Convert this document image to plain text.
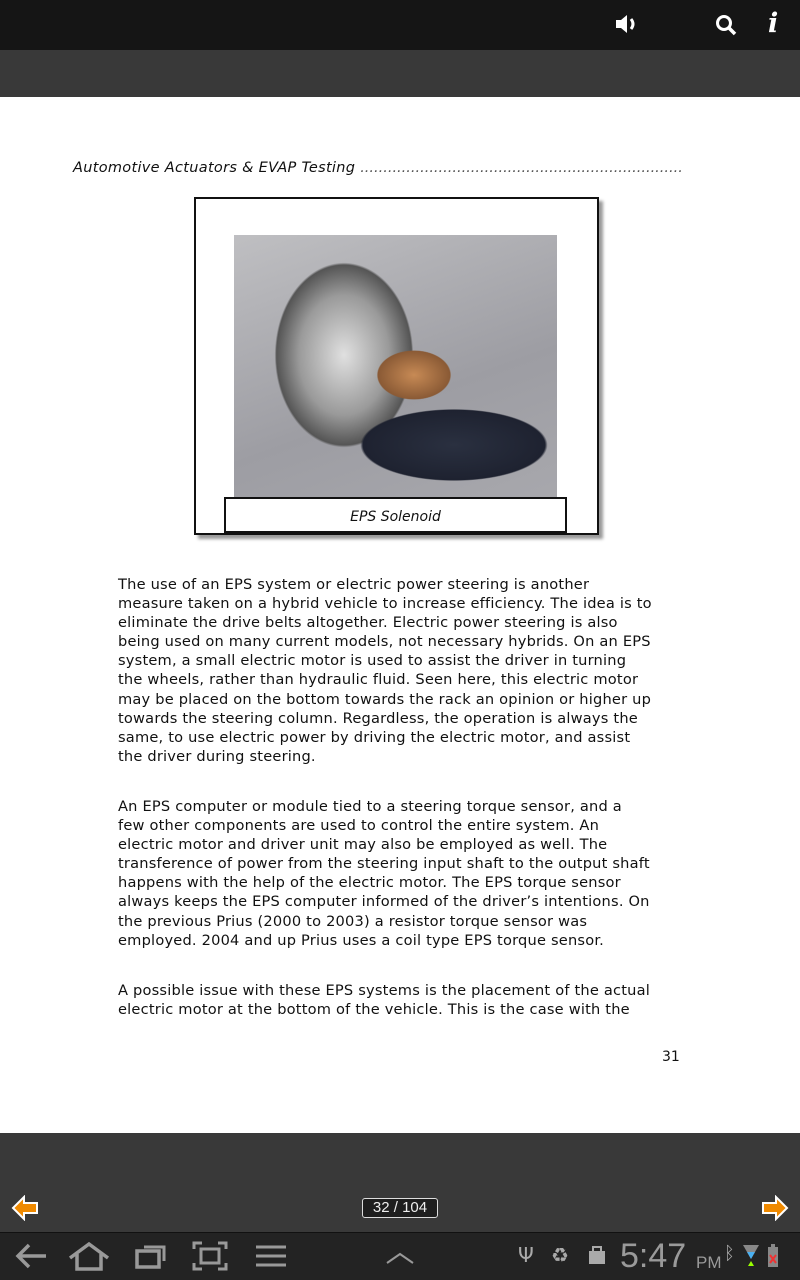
i
Automotive Actuators & EVAP Testing ......................................................................
EPS Solenoid
The use of an EPS system or electric power steering is another
measure taken on a hybrid vehicle to increase efficiency. The idea is to
eliminate the drive belts altogether. Electric power steering is also
being used on many current models, not necessary hybrids. On an EPS
system, a small electric motor is used to assist the driver in turning
the wheels, rather than hydraulic fluid. Seen here, this electric motor
may be placed on the bottom towards the rack an opinion or higher up
towards the steering column. Regardless, the operation is always the
same, to use electric power by driving the electric motor, and assist
the driver during steering.
An EPS computer or module tied to a steering torque sensor, and a
few other components are used to control the entire system. An
electric motor and driver unit may also be employed as well. The
transference of power from the steering input shaft to the output shaft
happens with the help of the electric motor. The EPS torque sensor
always keeps the EPS computer informed of the driver’s intentions. On
the previous Prius (2000 to 2003) a resistor torque sensor was
employed. 2004 and up Prius uses a coil type EPS torque sensor.
A possible issue with these EPS systems is the placement of the actual
electric motor at the bottom of the vehicle. This is the case with the
31
32 / 104
Ψ ♻ 5:47 PM ᛒ
